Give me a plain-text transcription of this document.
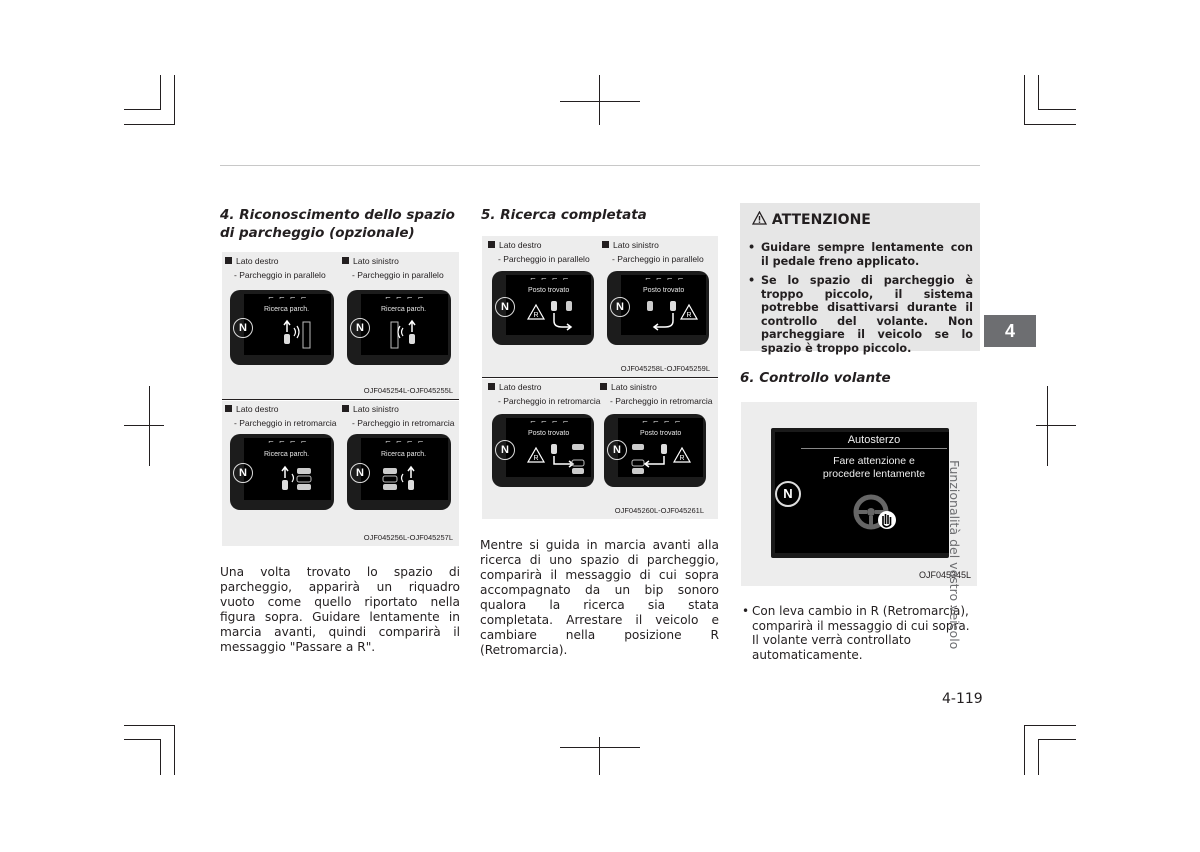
4. Riconoscimento dello spazio di parcheggio (opzionale)
Lato destro
- Parcheggio in parallelo
Lato sinistro
- Parcheggio in parallelo
N
⌐⌐⌐⌐
Ricerca parch.
N
⌐⌐⌐⌐
Ricerca parch.
OJF045254L-OJF045255L
Lato destro
- Parcheggio in retromarcia
Lato sinistro
- Parcheggio in retromarcia
N
⌐⌐⌐⌐
Ricerca parch.
N
⌐⌐⌐⌐
Ricerca parch.
OJF045256L-OJF045257L
Una volta trovato lo spazio di parcheggio, apparirà un riquadro vuoto come quello riportato nella figura sopra. Guidare lentamente in marcia avanti, quindi comparirà il messaggio "Passare a R".
5. Ricerca completata
Lato destro
- Parcheggio in parallelo
Lato sinistro
- Parcheggio in parallelo
N
⌐⌐⌐⌐
Posto trovato
R
N
⌐⌐⌐⌐
Posto trovato
R
OJF045258L-OJF045259L
Lato destro
- Parcheggio in retromarcia
Lato sinistro
- Parcheggio in retromarcia
N
⌐⌐⌐⌐
Posto trovato
R
N
⌐⌐⌐⌐
Posto trovato
R
OJF045260L-OJF045261L
Mentre si guida in marcia avanti alla ricerca di uno spazio di parcheggio, comparirà il messaggio di cui sopra accompagnato da un bip sonoro qualora la ricerca sia stata completata. Arrestare il veicolo e cambiare nella posizione R (Retromarcia).
ATTENZIONE
• Guidare sempre lentamente con il pedale freno applicato.
• Se lo spazio di parcheggio è troppo piccolo, il sistema potrebbe disattivarsi durante il controllo del volante. Non parcheggiare il veicolo se lo spazio è troppo piccolo.
6. Controllo volante
Autosterzo
Fare attenzione e
procedere lentamente
N
OJF045345L
• Con leva cambio in R (Retromarcia), comparirà il messaggio di cui sopra. Il volante verrà controllato automaticamente.
4
Funzionalità del vostro veicolo
4-119
